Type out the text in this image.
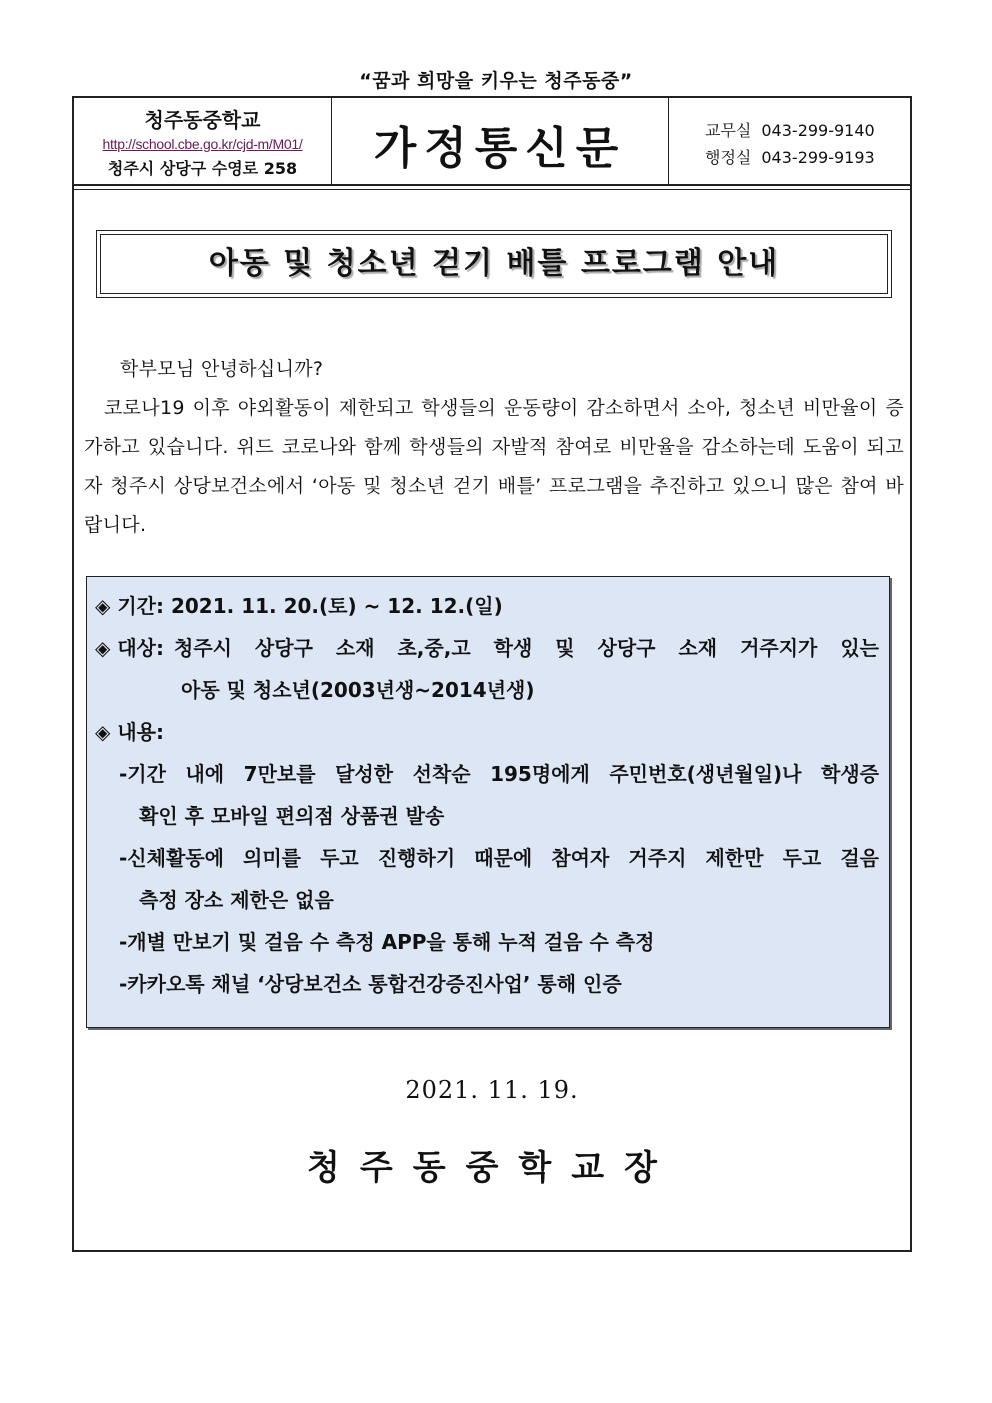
“꿈과 희망을 키우는 청주동중”
청주동중학교
http://school.cbe.go.kr/cjd-m/M01/
청주시 상당구 수영로 258	가정통신문	교무실 043-299-9140
행정실 043-299-9193
아동 및 청소년 걷기 배틀 프로그램 안내

학부모님 안녕하십니까?

코로나19 이후 야외활동이 제한되고 학생들의 운동량이 감소하면서 소아, 청소년 비만율이 증가하고 있습니다. 위드 코로나와 함께 학생들의 자발적 참여로 비만율을 감소하는데 도움이 되고자 청주시 상당보건소에서 ‘아동 및 청소년 걷기 배틀’ 프로그램을 추진하고 있으니 많은 참여 바랍니다.

◈ 기간: 2021. 11. 20.(토) ~ 12. 12.(일)

◈ 대상: 청주시 상당구 소재 초,중,고 학생 및 상당구 소재 거주지가 있는

아동 및 청소년(2003년생~2014년생)

◈ 내용:

-기간 내에 7만보를 달성한 선착순 195명에게 주민번호(생년월일)나 학생증

확인 후 모바일 편의점 상품권 발송

-신체활동에 의미를 두고 진행하기 때문에 참여자 거주지 제한만 두고 걸음

측정 장소 제한은 없음

-개별 만보기 및 걸음 수 측정 APP을 통해 누적 걸음 수 측정

-카카오톡 채널 ‘상당보건소 통합건강증진사업’ 통해 인증

2021. 11. 19.
청주동중학교장
